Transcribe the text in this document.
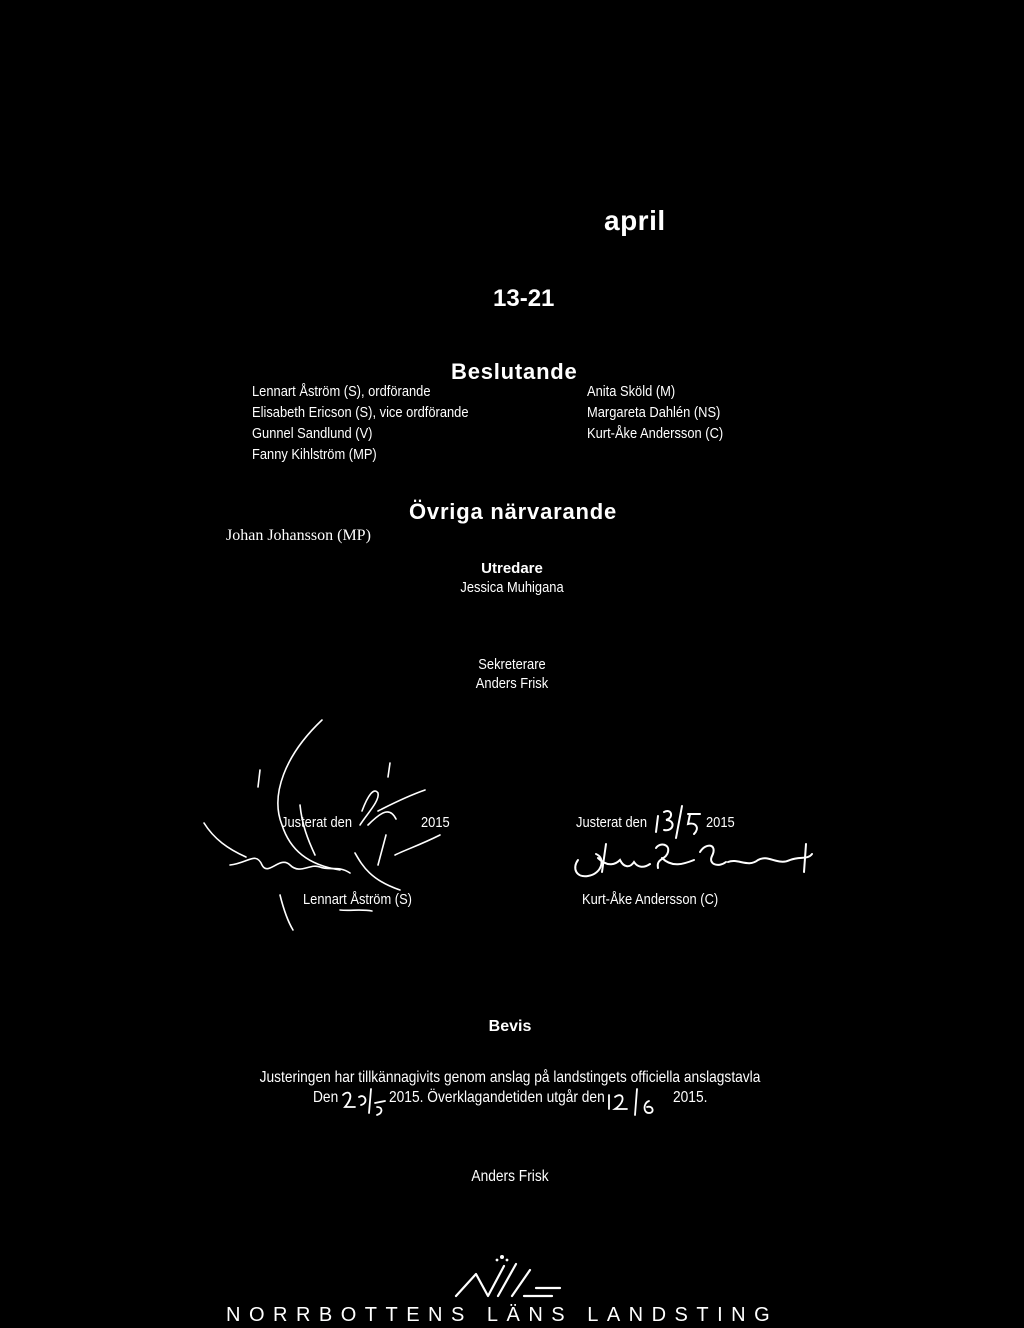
april
13-21
Beslutande
Lennart Åström (S), ordförande
Elisabeth Ericson (S), vice ordförande
Gunnel Sandlund (V)
Fanny Kihlström (MP)
Anita Sköld (M)
Margareta Dahlén (NS)
Kurt-Åke Andersson (C)
Övriga närvarande
Johan Johansson (MP)
Utredare
Jessica Muhigana
Sekreterare
Anders Frisk
Justerat den	2015
Lennart Åström (S)
Justerat den	2015
Kurt-Åke Andersson (C)
Bevis
Justeringen har tillkännagivits genom anslag på landstingets officiella anslagstavla
Den	2015. Överklagandetiden utgår den	2015.
Anders Frisk
NORRBOTTENS LÄNS LANDSTING
